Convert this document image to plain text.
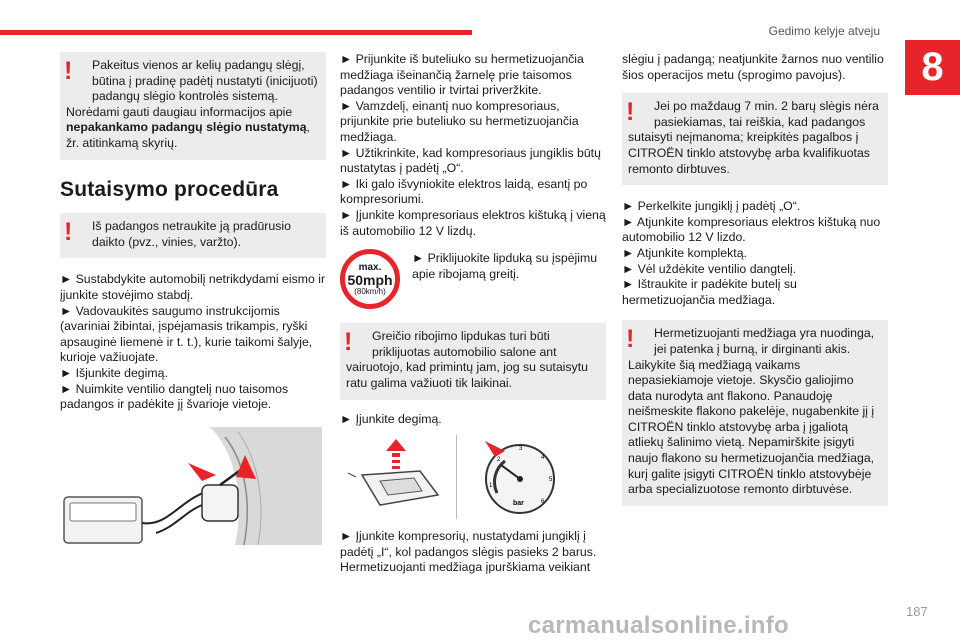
Gedimo kelyje atveju
8
! Pakeitus vienos ar kelių padangų slėgį, būtina į pradinę padėtį nustatyti (inicijuoti) padangų slėgio kontrolės sistemą.

Norėdami gauti daugiau informacijos apie
nepakankamo padangų slėgio nustatymą,
žr. atitinkamą skyrių.

Sutaisymo procedūra
! Iš padangos netraukite ją pradūrusio daikto (pvz., vinies, varžto).

► Sustabdykite automobilį netrikdydami eismo ir įjunkite stovėjimo stabdį.

► Vadovaukitės saugumo instrukcijomis (avariniai žibintai, įspėjamasis trikampis, ryški apsauginė liemenė ir t. t.), kurie taikomi šalyje, kurioje važiuojate.

► Išjunkite degimą.

► Nuimkite ventilio dangtelį nuo taisomos padangos ir padėkite jį švarioje vietoje.

► Prijunkite iš buteliuko su hermetizuojančia medžiaga išeinančią žarnelę prie taisomos padangos ventilio ir tvirtai priveržkite.

► Vamzdelį, einantį nuo kompresoriaus, prijunkite prie buteliuko su hermetizuojančia medžiaga.

► Užtikrinkite, kad kompresoriaus jungiklis būtų nustatytas į padėtį „O“.

► Iki galo išvyniokite elektros laidą, esantį po kompresoriumi.

► Įjunkite kompresoriaus elektros kištuką į vieną iš automobilio 12 V lizdų.

max.
50mph
(80km/h)
► Priklijuokite lipduką su įspėjimu apie ribojamą greitį.
! Greičio ribojimo lipdukas turi būti priklijuotas automobilio salone ant

vairuotojo, kad primintų jam, jog su sutaisytu ratu galima važiuoti tik laikinai.

► Įjunkite degimą.

1
2
3
4
5
6
bar

► Įjunkite kompresorių, nustatydami jungiklį į padėtį „I“, kol padangos slėgis pasieks 2 barus. Hermetizuojanti medžiaga įpurškiama veikiant

slėgiu į padangą; neatjunkite žarnos nuo ventilio šios operacijos metu (sprogimo pavojus).

! Jei po maždaug 7 min. 2 barų slėgis nėra pasiekiamas, tai reiškia, kad padangos

sutaisyti neįmanoma; kreipkitės pagalbos į CITROËN tinklo atstovybę arba kvalifikuotas remonto dirbtuves.

► Perkelkite jungiklį į padėtį „O“.

► Atjunkite kompresoriaus elektros kištuką nuo automobilio 12 V lizdo.

► Atjunkite komplektą.

► Vėl uždėkite ventilio dangtelį.

► Ištraukite ir padėkite butelį su hermetizuojančia medžiaga.

! Hermetizuojanti medžiaga yra nuodinga, jei patenka į burną, ir dirginanti akis.

Laikykite šią medžiagą vaikams nepasiekiamoje vietoje. Skysčio galiojimo data nurodyta ant flakono. Panaudoję neišmeskite flakono pakelėje, nugabenkite jį į CITROËN tinklo atstovybę arba į įgaliotą atliekų šalinimo vietą. Nepamirškite įsigyti naujo flakono su hermetizuojančia medžiaga, kurį galite įsigyti CITROËN tinklo atstovybėje arba specializuotose remonto dirbtuvėse.

187
carmanualsonline.info
